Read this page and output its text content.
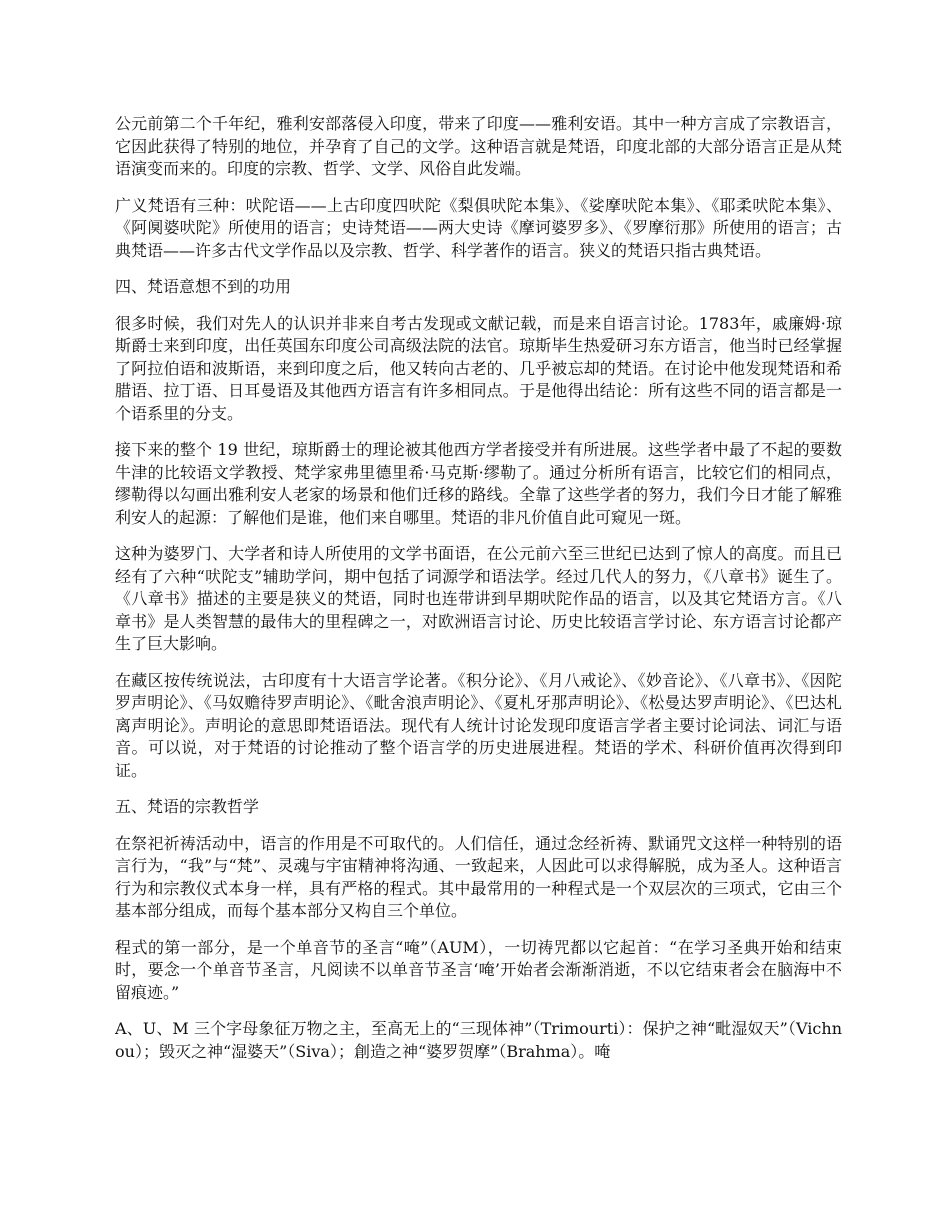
公元前第二个千年纪，雅利安部落侵入印度，带来了印度——雅利安语。其中一种方言成了宗教语言，它因此获得了特别的地位，并孕育了自己的文学。这种语言就是梵语，印度北部的大部分语言正是从梵语演变而来的。印度的宗教、哲学、文学、风俗自此发端。

广义梵语有三种：吠陀语——上古印度四吠陀《梨俱吠陀本集》、《娑摩吠陀本集》、《耶柔吠陀本集》、《阿阒婆吠陀》所使用的语言；史诗梵语——两大史诗《摩诃婆罗多》、《罗摩衍那》所使用的语言；古典梵语——许多古代文学作品以及宗教、哲学、科学著作的语言。狭义的梵语只指古典梵语。

四、梵语意想不到的功用

很多时候，我们对先人的认识并非来自考古发现或文献记载，而是来自语言讨论。1783年，戚廉姆·琼斯爵士来到印度，出任英国东印度公司高级法院的法官。琼斯毕生热爱研习东方语言，他当时已经掌握了阿拉伯语和波斯语，来到印度之后，他又转向古老的、几乎被忘却的梵语。在讨论中他发现梵语和希腊语、拉丁语、日耳曼语及其他西方语言有许多相同点。于是他得出结论：所有这些不同的语言都是一个语系里的分支。

接下来的整个 19 世纪，琼斯爵士的理论被其他西方学者接受并有所进展。这些学者中最了不起的要数牛津的比较语文学教授、梵学家弗里德里希·马克斯·缪勒了。通过分析所有语言，比较它们的相同点，缪勒得以勾画出雅利安人老家的场景和他们迁移的路线。全靠了这些学者的努力，我们今日才能了解雅利安人的起源：了解他们是谁，他们来自哪里。梵语的非凡价值自此可窥见一斑。

这种为婆罗门、大学者和诗人所使用的文学书面语，在公元前六至三世纪已达到了惊人的高度。而且已经有了六种“吠陀支”辅助学问，期中包括了词源学和语法学。经过几代人的努力，《八章书》诞生了。《八章书》描述的主要是狭义的梵语，同时也连带讲到早期吠陀作品的语言，以及其它梵语方言。《八章书》是人类智慧的最伟大的里程碑之一，对欧洲语言讨论、历史比较语言学讨论、东方语言讨论都产生了巨大影响。

在藏区按传统说法，古印度有十大语言学论著。《积分论》、《月八戒论》、《妙音论》、《八章书》、《因陀罗声明论》、《马奴赡待罗声明论》、《毗舍浪声明论》、《夏札牙那声明论》、《松曼达罗声明论》、《巴达札离声明论》。声明论的意思即梵语语法。现代有人统计讨论发现印度语言学者主要讨论词法、词汇与语音。可以说，对于梵语的讨论推动了整个语言学的历史进展进程。梵语的学术、科研价值再次得到印证。

五、梵语的宗教哲学

在祭祀祈祷活动中，语言的作用是不可取代的。人们信任，通过念经祈祷、默诵咒文这样一种特别的语言行为，“我”与“梵”、灵魂与宇宙精神将沟通、一致起来，人因此可以求得解脱，成为圣人。这种语言行为和宗教仪式本身一样，具有严格的程式。其中最常用的一种程式是一个双层次的三项式，它由三个基本部分组成，而每个基本部分又构自三个单位。

程式的第一部分，是一个单音节的圣言“唵”（AUM），一切祷咒都以它起首：“在学习圣典开始和结束时，要念一个单音节圣言，凡阅读不以单音节圣言‘唵’开始者会渐渐消逝，不以它结束者会在脑海中不留痕迹。”

A、U、M 三个字母象征万物之主，至高无上的“三现体神”（Trimourti）：保护之神“毗湿奴天”（Vichnou）；毁灭之神“湿婆天”（Siva）；創造之神“婆罗贺摩”（Brahma）。唵
